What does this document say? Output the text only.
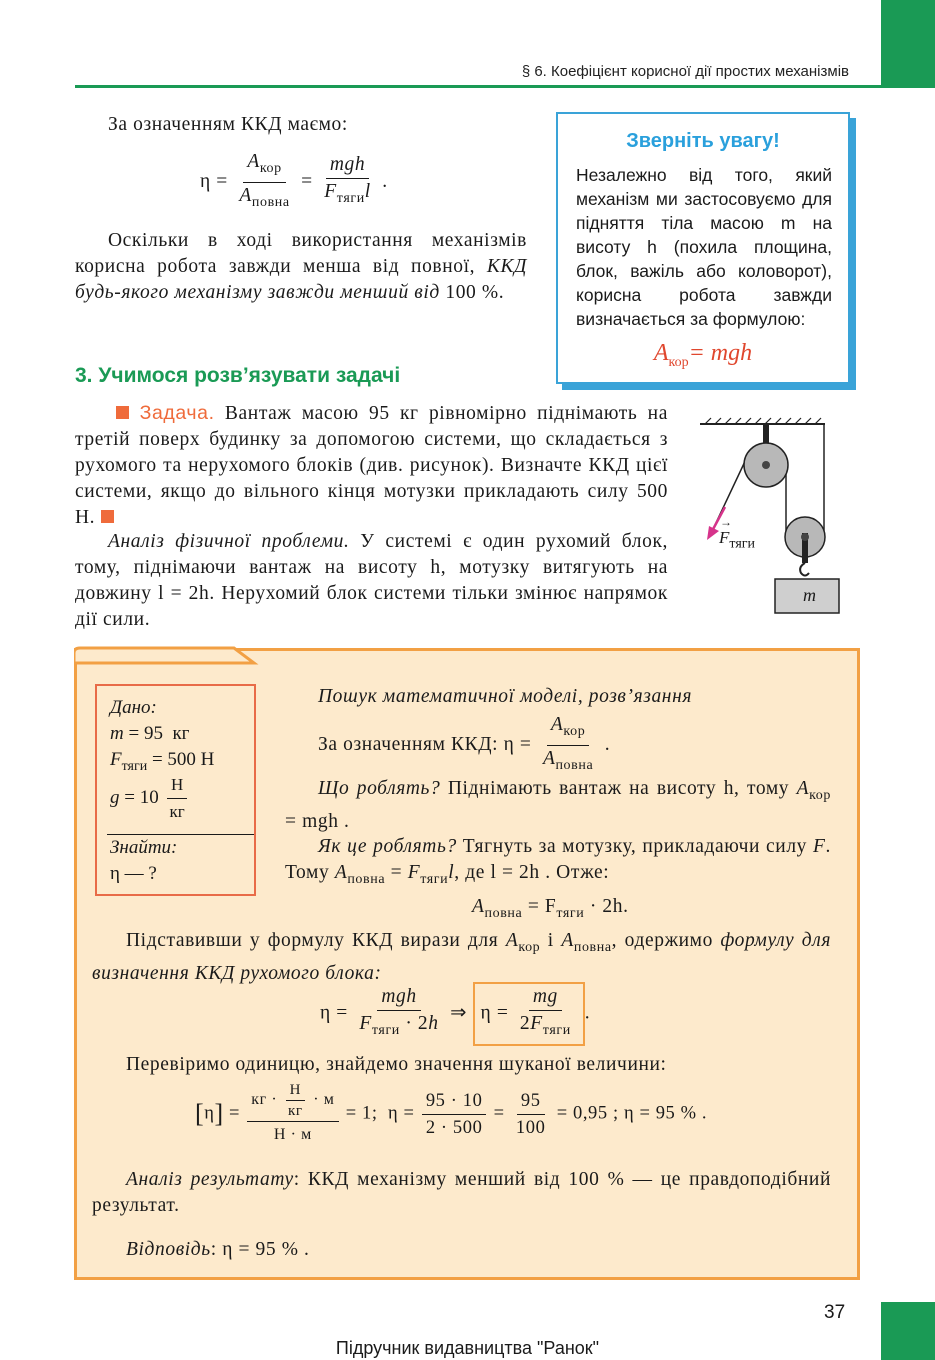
§ 6. Коефіцієнт корисної дії простих механізмів
За означенням ККД маємо:
$\eta = \frac{A_{кор}}{A_{повна}} = \frac{\text{mgh}}{F_{тяги}l}$ .
Оскільки в ході використання механізмів корисна робота завжди менша від повної, ККД будь-якого механізму завжди менший від 100 %.
Зверніть увагу!
Незалежно від того, який механізм ми застосовуємо для підняття тіла масою m на висоту h (похила площина, блок, важіль або коловорот), корисна робота завжди визначається за формулою:
$A_{кор}=$ mgh
3. Учимося розв’язувати задачі
Задача. Вантаж масою 95 кг рівномірно піднімають на третій поверх будинку за допомогою системи, що складається з рухомого та нерухомого блоків (див. рисунок). Визначте ККД цієї системи, якщо до вільного кінця мотузки прикладають силу 500 Н.
Аналіз фізичної проблеми. У системі є один рухомий блок, тому, піднімаючи вантаж на висоту h, мотузку витягують на довжину l = 2h. Нерухомий блок системи тільки змінює напрямок дії сили.
F
→
$_{тяги}$
m
Дано:
m = 95  кг
$F_{тяги} = 500$ Н
$g = 10 \frac{Н}{кг}$
Знайти:
η — ?
Пошук математичної моделі, розв’язання
За означенням ККД: $\eta = \frac{A_{кор}}{A_{повна}}$ .
Що роблять? Піднімають вантаж на висоту h, тому $A_{кор}$ = mgh .
Як це роблять? Тягнуть за мотузку, прикладаючи силу F. Тому $A_{повна} = F_{тяги}l$, де l = 2h . Отже:
$A_{повна} = F_{тяги} \cdot 2h$.
Підставивши у формулу ККД вирази для $A_{кор}$ і $A_{повна}$, одержимо формулу для визначення ККД рухомого блока:
$\eta = \frac{\text{mgh}}{F_{тяги} \cdot 2h}$ ⇒ $\eta = \frac{mg}{2F_{тяги}}$ .
Перевіримо одиницю, знайдемо значення шуканої величини:
$[\eta] = \frac{кг \cdot \frac{Н}{кг} \cdot м}{Н \cdot м} = 1$;  $\eta = \frac{95 \cdot 10}{2 \cdot 500} = \frac{95}{100} = 0,95$ ; η = 95 % .
Аналіз результату: ККД механізму менший від 100 % — це правдоподібний результат.
Відповідь: η = 95 % .
37
Підручник видавництва "Ранок"
